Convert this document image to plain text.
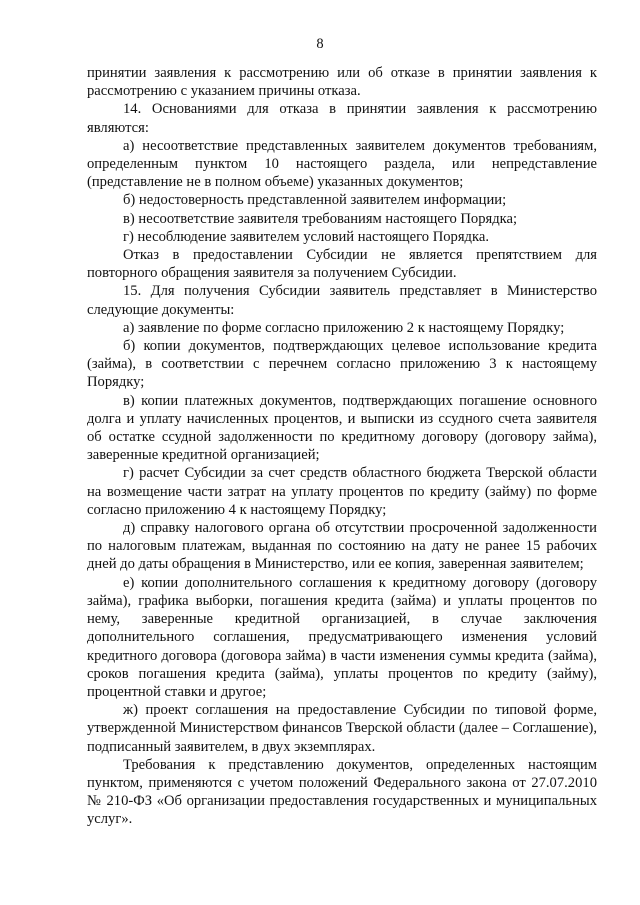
8

принятии заявления к рассмотрению или об отказе в принятии заявления к рассмотрению с указанием причины отказа.

14. Основаниями для отказа в принятии заявления к рассмотрению являются:

а) несоответствие представленных заявителем документов требованиям, определенным пунктом 10 настоящего раздела, или непредставление (представление не в полном объеме) указанных документов;

б) недостоверность представленной заявителем информации;

в) несоответствие заявителя требованиям настоящего Порядка;

г) несоблюдение заявителем условий настоящего Порядка.

Отказ в предоставлении Субсидии не является препятствием для повторного обращения заявителя за получением Субсидии.

15. Для получения Субсидии заявитель представляет в Министерство следующие документы:

а) заявление по форме согласно приложению 2 к настоящему Порядку;

б) копии документов, подтверждающих целевое использование кредита (займа), в соответствии с перечнем согласно приложению 3 к настоящему Порядку;

в) копии платежных документов, подтверждающих погашение основного долга и уплату начисленных процентов, и выписки из ссудного счета заявителя об остатке ссудной задолженности по кредитному договору (договору займа), заверенные кредитной организацией;

г) расчет Субсидии за счет средств областного бюджета Тверской области на возмещение части затрат на уплату процентов по кредиту (займу) по форме согласно приложению 4 к настоящему Порядку;

д) справку налогового органа об отсутствии просроченной задолженности по налоговым платежам, выданная по состоянию на дату не ранее 15 рабочих дней до даты обращения в Министерство, или ее копия, заверенная заявителем;

е) копии дополнительного соглашения к кредитному договору (договору займа), графика выборки, погашения кредита (займа) и уплаты процентов по нему, заверенные кредитной организацией, в случае заключения дополнительного соглашения, предусматривающего изменения условий кредитного договора (договора займа) в части изменения суммы кредита (займа), сроков погашения кредита (займа), уплаты процентов по кредиту (займу), процентной ставки и другое;

ж) проект соглашения на предоставление Субсидии по типовой форме, утвержденной Министерством финансов Тверской области (далее – Соглашение), подписанный заявителем, в двух экземплярах.

Требования к представлению документов, определенных настоящим пунктом, применяются с учетом положений Федерального закона от 27.07.2010 № 210-ФЗ «Об организации предоставления государственных и муниципальных услуг».
